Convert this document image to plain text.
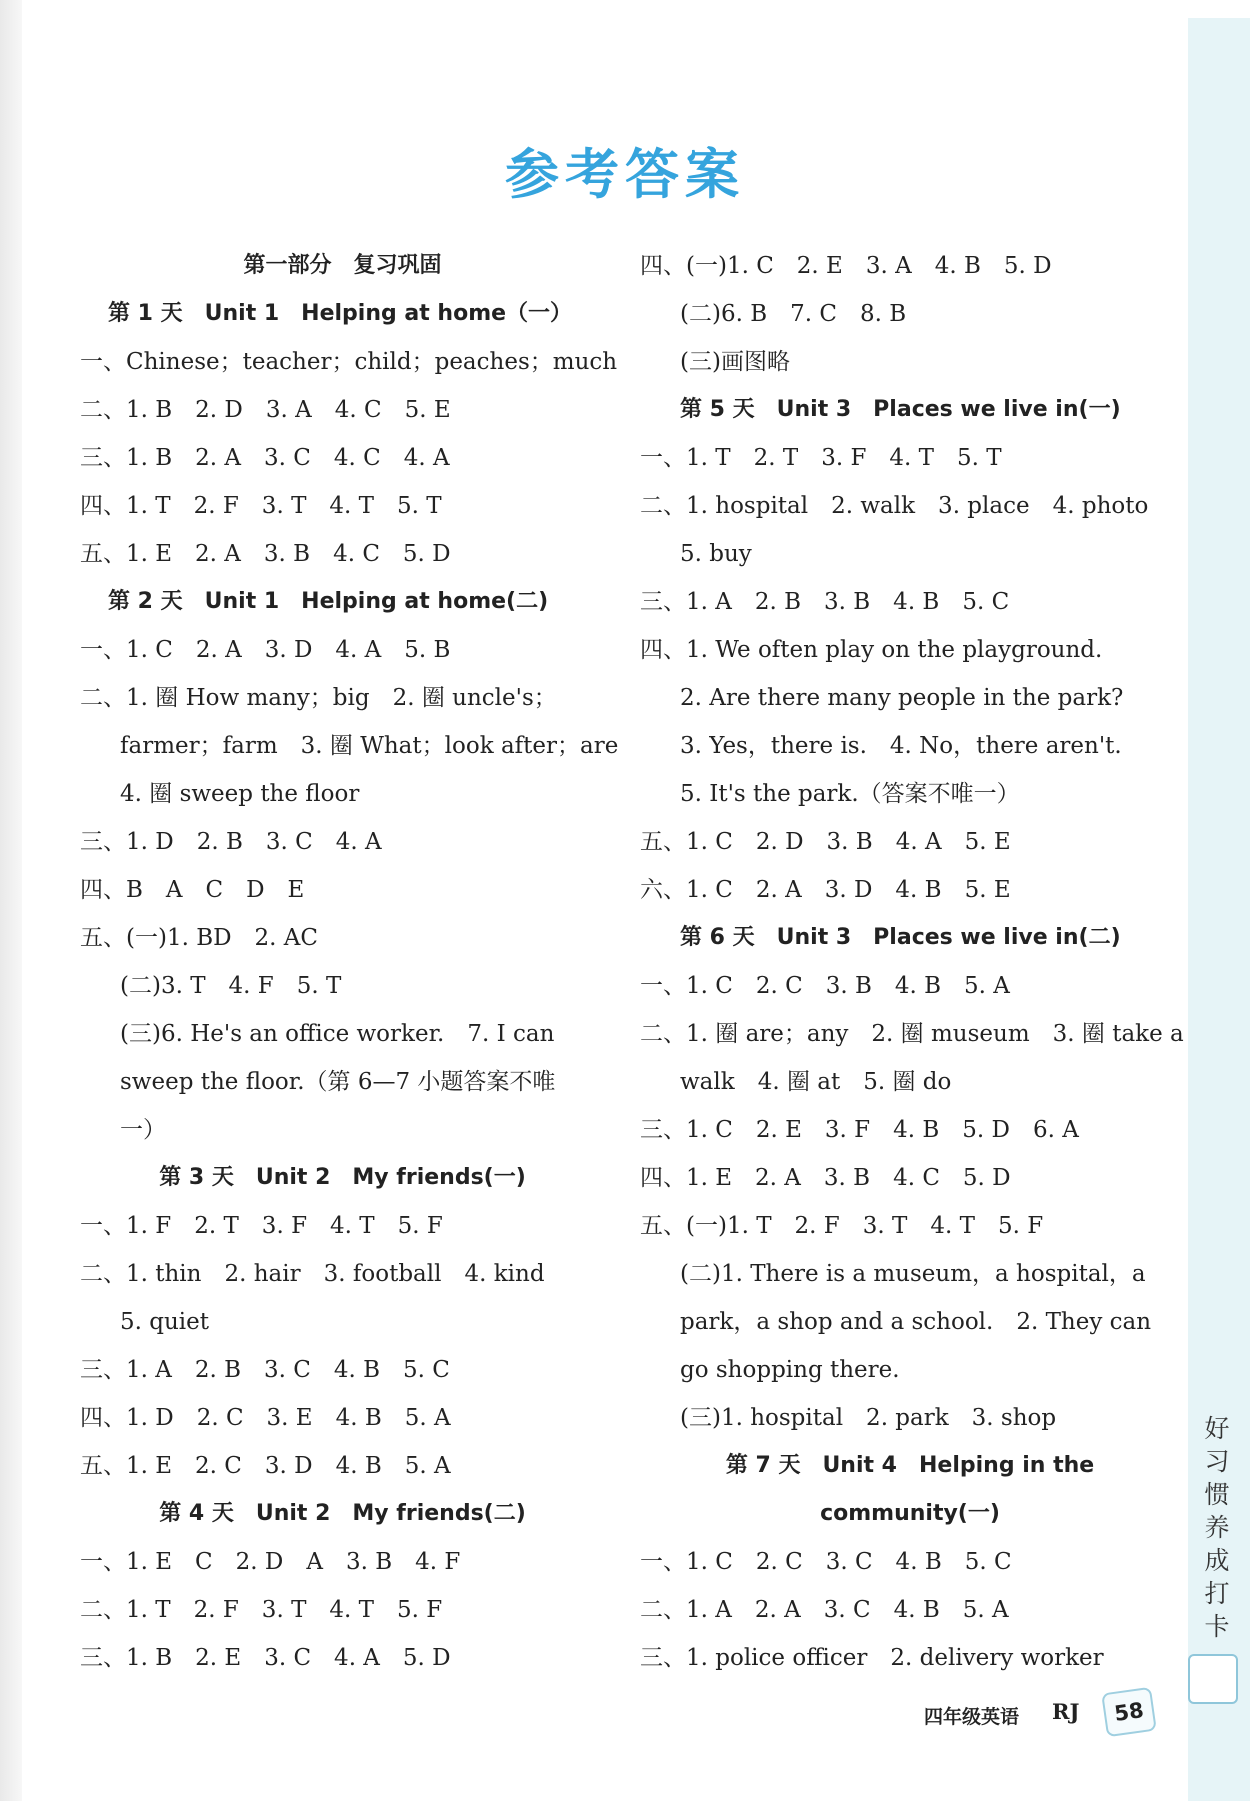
参考答案
第一部分　复习巩固
第 1 天　Unit 1　Helping at home（一）
一、Chinese；teacher；child；peaches；much
二、1. B　2. D　3. A　4. C　5. E
三、1. B　2. A　3. C　4. C　4. A
四、1. T　2. F　3. T　4. T　5. T
五、1. E　2. A　3. B　4. C　5. D
第 2 天　Unit 1　Helping at home(二)
一、1. C　2. A　3. D　4. A　5. B
二、1. 圈 How many；big　2. 圈 uncle's；
farmer；farm　3. 圈 What；look after；are
4. 圈 sweep the floor
三、1. D　2. B　3. C　4. A
四、B　A　C　D　E
五、(一)1. BD　2. AC
(二)3. T　4. F　5. T
(三)6. He's an office worker.　7. I can
sweep the floor.（第 6—7 小题答案不唯
一）
第 3 天　Unit 2　My friends(一)
一、1. F　2. T　3. F　4. T　5. F
二、1. thin　2. hair　3. football　4. kind
5. quiet
三、1. A　2. B　3. C　4. B　5. C
四、1. D　2. C　3. E　4. B　5. A
五、1. E　2. C　3. D　4. B　5. A
第 4 天　Unit 2　My friends(二)
一、1. E　C　2. D　A　3. B　4. F
二、1. T　2. F　3. T　4. T　5. F
三、1. B　2. E　3. C　4. A　5. D
四、(一)1. C　2. E　3. A　4. B　5. D
(二)6. B　7. C　8. B
(三)画图略
第 5 天　Unit 3　Places we live in(一)
一、1. T　2. T　3. F　4. T　5. T
二、1. hospital　2. walk　3. place　4. photo
5. buy
三、1. A　2. B　3. B　4. B　5. C
四、1. We often play on the playground.
2. Are there many people in the park?
3. Yes，there is.　4. No，there aren't.
5. It's the park.（答案不唯一）
五、1. C　2. D　3. B　4. A　5. E
六、1. C　2. A　3. D　4. B　5. E
第 6 天　Unit 3　Places we live in(二)
一、1. C　2. C　3. B　4. B　5. A
二、1. 圈 are；any　2. 圈 museum　3. 圈 take a
walk　4. 圈 at　5. 圈 do
三、1. C　2. E　3. F　4. B　5. D　6. A
四、1. E　2. A　3. B　4. C　5. D
五、(一)1. T　2. F　3. T　4. T　5. F
(二)1. There is a museum，a hospital，a
park，a shop and a school.　2. They can
go shopping there.
(三)1. hospital　2. park　3. shop
第 7 天　Unit 4　Helping in the
community(一)
一、1. C　2. C　3. C　4. B　5. C
二、1. A　2. A　3. C　4. B　5. A
三、1. police officer　2. delivery worker
好习惯养成打卡
四年级英语 RJ	58
